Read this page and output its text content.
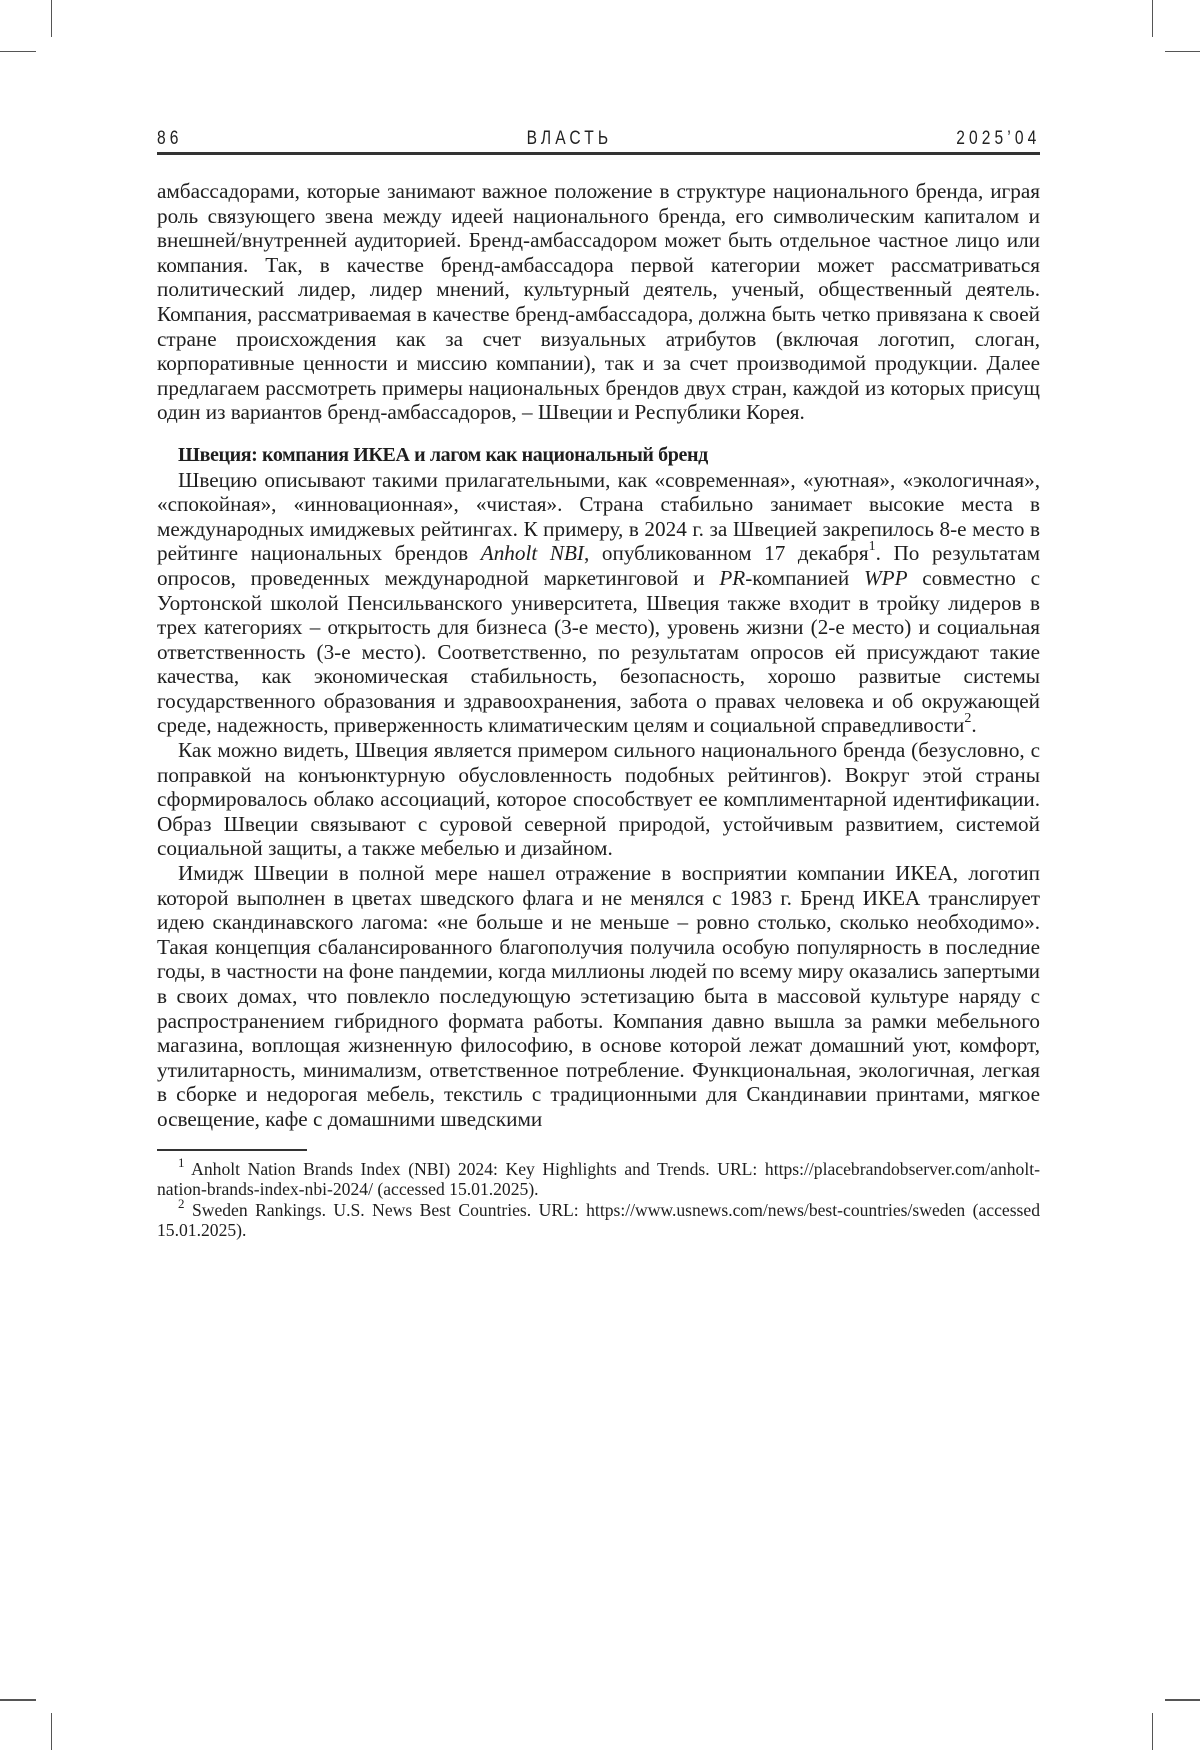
86	ВЛАСТЬ	2025’04

амбассадорами, которые занимают важное положение в структуре национального бренда, играя роль связующего звена между идеей национального бренда, его символическим капиталом и внешней/внутренней аудиторией. Бренд-амбассадором может быть отдельное частное лицо или компания. Так, в качестве бренд-амбассадора первой категории может рассматриваться политический лидер, лидер мнений, культурный деятель, ученый, общественный деятель. Компания, рассматриваемая в качестве бренд-амбассадора, должна быть четко привязана к своей стране происхождения как за счет визуальных атрибутов (включая логотип, слоган, корпоративные ценности и миссию компании), так и за счет производимой продукции. Далее предлагаем рассмотреть примеры национальных брендов двух стран, каждой из которых присущ один из вариантов бренд-амбассадоров, – Швеции и Республики Корея.

Швеция: компания ИКЕА и лагом как национальный бренд

Швецию описывают такими прилагательными, как «современная», «уютная», «экологичная», «спокойная», «инновационная», «чистая». Страна стабильно занимает высокие места в международных имиджевых рейтингах. К примеру, в 2024 г. за Швецией закрепилось 8-е место в рейтинге национальных брендов Anholt NBI, опубликованном 17 декабря$^1$. По результатам опросов, проведенных международной маркетинговой и PR-компанией WPP совместно с Уортонской школой Пенсильванского университета, Швеция также входит в тройку лидеров в трех категориях – открытость для бизнеса (3-е место), уровень жизни (2-е место) и социальная ответственность (3-е место). Соответственно, по результатам опросов ей присуждают такие качества, как экономическая стабильность, безопасность, хорошо развитые системы государственного образования и здравоохранения, забота о правах человека и об окружающей среде, надежность, приверженность климатическим целям и социальной справедливости$^2$.

Как можно видеть, Швеция является примером сильного национального бренда (безусловно, с поправкой на конъюнктурную обусловленность подобных рейтингов). Вокруг этой страны сформировалось облако ассоциаций, которое способствует ее комплиментарной идентификации. Образ Швеции связывают с суровой северной природой, устойчивым развитием, системой социальной защиты, а также мебелью и дизайном.

Имидж Швеции в полной мере нашел отражение в восприятии компании ИКЕА, логотип которой выполнен в цветах шведского флага и не менялся с 1983 г. Бренд ИКЕА транслирует идею скандинавского лагома: «не больше и не меньше – ровно столько, сколько необходимо». Такая концепция сбалансированного благополучия получила особую популярность в последние годы, в частности на фоне пандемии, когда миллионы людей по всему миру оказались запертыми в своих домах, что повлекло последующую эстетизацию быта в массовой культуре наряду с распространением гибридного формата работы. Компания давно вышла за рамки мебельного магазина, воплощая жизненную философию, в основе которой лежат домашний уют, комфорт, утилитарность, минимализм, ответственное потребление. Функциональная, экологичная, легкая в сборке и недорогая мебель, текстиль с традиционными для Скандинавии принтами, мягкое освещение, кафе с домашними шведскими

$^1$ Anholt Nation Brands Index (NBI) 2024: Key Highlights and Trends. URL: https://placebrandobserver.com/anholt-nation-brands-index-nbi-2024/ (accessed 15.01.2025).

$^2$ Sweden Rankings. U.S. News Best Countries. URL: https://www.usnews.com/news/best-countries/sweden (accessed 15.01.2025).
